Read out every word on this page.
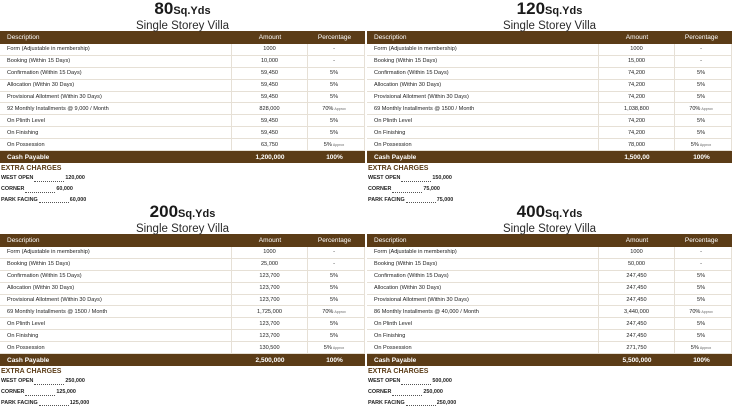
80Sq.Yds
Single Storey Villa
Description	Amount	Percentage
Form (Adjustable in membership)	1000	-
Booking (Within 15 Days)	10,000	-
Confirmation (Within 15 Days)	59,450	5%
Allocation (Within 30 Days)	59,450	5%
Provisional Allotment (Within 30 Days)	59,450	5%
92 Monthly Installments @ 9,000 / Month	828,000	70% Approx
On Plinth Level	59,450	5%
On Finishing	59,450	5%
On Possession	63,750	5% Approx
Cash Payable	1,200,000	100%
EXTRA CHARGES
WEST OPEN	120,000
CORNER	60,000
PARK FACING	60,000
120Sq.Yds
Single Storey Villa
Description	Amount	Percentage
Form (Adjustable in membership)	1000	-
Booking (Within 15 Days)	15,000	-
Confirmation (Within 15 Days)	74,200	5%
Allocation (Within 30 Days)	74,200	5%
Provisional Allotment (Within 30 Days)	74,200	5%
69 Monthly Installments @ 1500 / Month	1,038,800	70% Approx
On Plinth Level	74,200	5%
On Finishing	74,200	5%
On Possession	78,000	5% Approx
Cash Payable	1,500,00	100%
EXTRA CHARGES
WEST OPEN	150,000
CORNER	75,000
PARK FACING	75,000
200Sq.Yds
Single Storey Villa
Description	Amount	Percentage
Form (Adjustable in membership)	1000	-
Booking (Within 15 Days)	25,000	-
Confirmation (Within 15 Days)	123,700	5%
Allocation (Within 30 Days)	123,700	5%
Provisional Allotment (Within 30 Days)	123,700	5%
69 Monthly Installments @ 1500 / Month	1,725,000	70% Approx
On Plinth Level	123,700	5%
On Finishing	123,700	5%
On Possession	130,500	5% Approx
Cash Payable	2,500,000	100%
EXTRA CHARGES
WEST OPEN	250,000
CORNER	125,000
PARK FACING	125,000
400Sq.Yds
Single Storey Villa
Description	Amount	Percentage
Form (Adjustable in membership)	1000	-
Booking (Within 15 Days)	50,000	-
Confirmation (Within 15 Days)	247,450	5%
Allocation (Within 30 Days)	247,450	5%
Provisional Allotment (Within 30 Days)	247,450	5%
86 Monthly Installments @ 40,000 / Month	3,440,000	70% Approx
On Plinth Level	247,450	5%
On Finishing	247,450	5%
On Possession	271,750	5% Approx
Cash Payable	5,500,000	100%
EXTRA CHARGES
WEST OPEN	500,000
CORNER	250,000
PARK FACING	250,000
